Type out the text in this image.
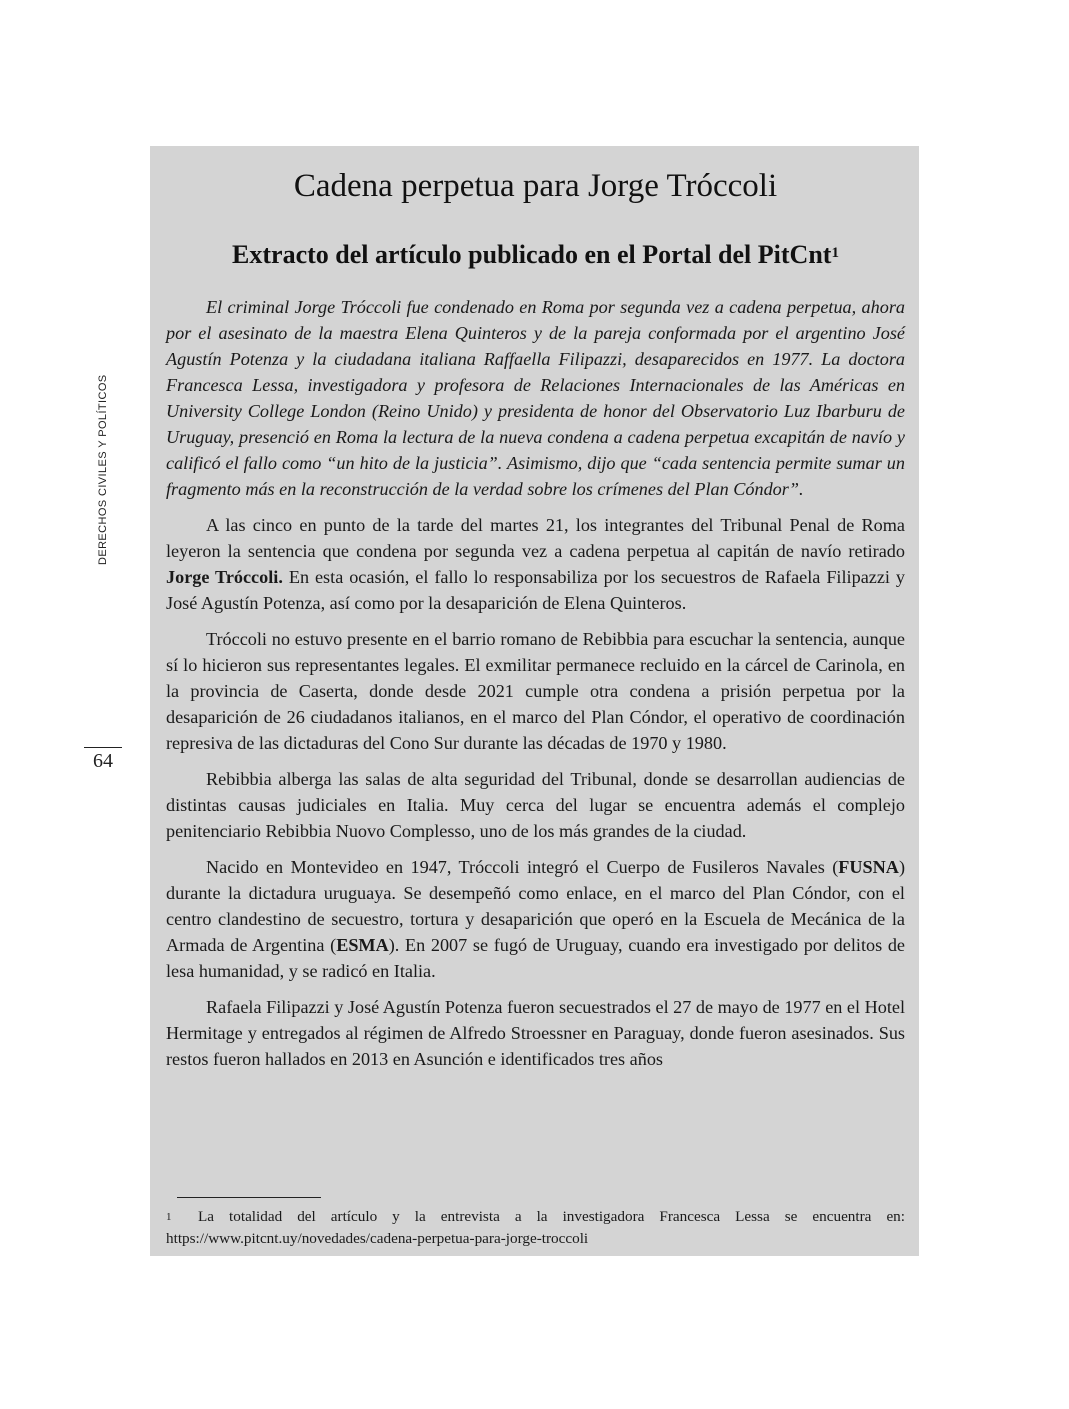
DERECHOS CIVILES Y POLÍTICOS
64
Cadena perpetua para Jorge Tróccoli
Extracto del artículo publicado en el Portal del PitCnt$^1$

El criminal Jorge Tróccoli fue condenado en Roma por segunda vez a cadena perpetua, ahora por el asesinato de la maestra Elena Quinteros y de la pareja conformada por el argentino José Agustín Potenza y la ciudadana italiana Raffaella Filipazzi, desaparecidos en 1977. La doctora Francesca Lessa, investigadora y profesora de Relaciones Internacionales de las Américas en University College London (Reino Unido) y presidenta de honor del Observatorio Luz Ibarburu de Uruguay, presenció en Roma la lectura de la nueva condena a cadena perpetua excapitán de navío y calificó el fallo como “un hito de la justicia”. Asimismo, dijo que “cada sentencia permite sumar un fragmento más en la reconstrucción de la verdad sobre los crímenes del Plan Cóndor”.

A las cinco en punto de la tarde del martes 21, los integrantes del Tribunal Penal de Roma leyeron la sentencia que condena por segunda vez a cadena perpetua al capitán de navío retirado Jorge Tróccoli. En esta ocasión, el fallo lo responsabiliza por los secuestros de Rafaela Filipazzi y José Agustín Potenza, así como por la desaparición de Elena Quinteros.

Tróccoli no estuvo presente en el barrio romano de Rebibbia para escuchar la sentencia, aunque sí lo hicieron sus representantes legales. El exmilitar permanece recluido en la cárcel de Carinola, en la provincia de Caserta, donde desde 2021 cumple otra condena a prisión perpetua por la desaparición de 26 ciudadanos italianos, en el marco del Plan Cóndor, el operativo de coordinación represiva de las dictaduras del Cono Sur durante las décadas de 1970 y 1980.

Rebibbia alberga las salas de alta seguridad del Tribunal, donde se desarrollan audiencias de distintas causas judiciales en Italia. Muy cerca del lugar se encuentra además el complejo penitenciario Rebibbia Nuovo Complesso, uno de los más grandes de la ciudad.

Nacido en Montevideo en 1947, Tróccoli integró el Cuerpo de Fusileros Navales (FUSNA) durante la dictadura uruguaya. Se desempeñó como enlace, en el marco del Plan Cóndor, con el centro clandestino de secuestro, tortura y desaparición que operó en la Escuela de Mecánica de la Armada de Argentina (ESMA). En 2007 se fugó de Uruguay, cuando era investigado por delitos de lesa humanidad, y se radicó en Italia.

Rafaela Filipazzi y José Agustín Potenza fueron secuestrados el 27 de mayo de 1977 en el Hotel Hermitage y entregados al régimen de Alfredo Stroessner en Paraguay, donde fueron asesinados. Sus restos fueron hallados en 2013 en Asunción e identificados tres años

1 La totalidad del artículo y la entrevista a la investigadora Francesca Lessa se encuentra en: https://www.pitcnt.uy/novedades/cadena-perpetua-para-jorge-troccoli
